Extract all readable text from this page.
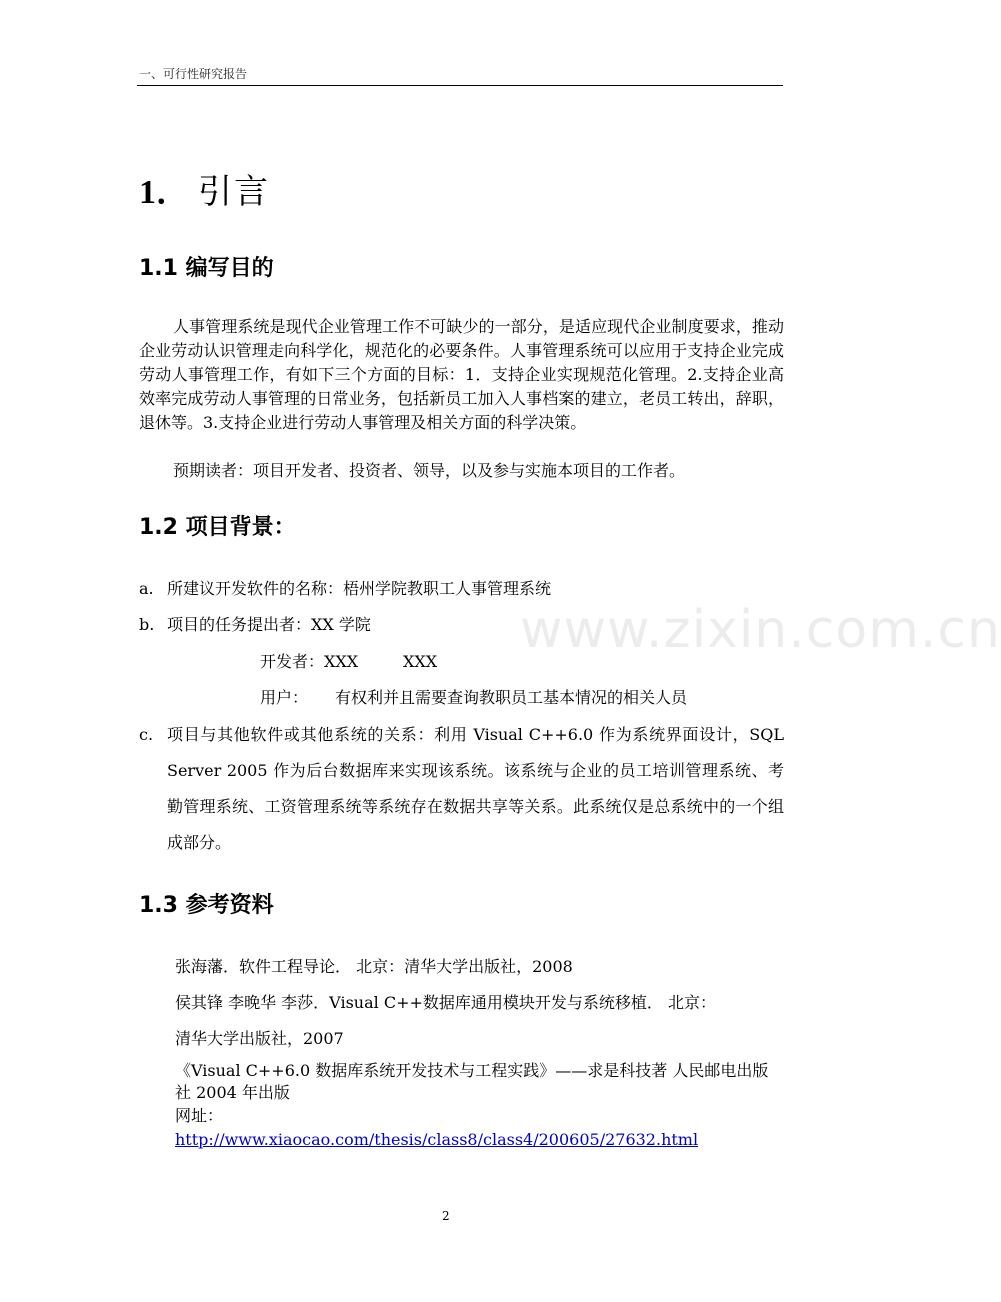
一、可行性研究报告
www.zixin.com.cn
1． 引言
1.1 编写目的

人事管理系统是现代企业管理工作不可缺少的一部分，是适应现代企业制度要求，推动企业劳动认识管理走向科学化，规范化的必要条件。人事管理系统可以应用于支持企业完成劳动人事管理工作，有如下三个方面的目标：1．支持企业实现规范化管理。2.支持企业高效率完成劳动人事管理的日常业务，包括新员工加入人事档案的建立，老员工转出，辞职，退休等。3.支持企业进行劳动人事管理及相关方面的科学决策。

预期读者：项目开发者、投资者、领导，以及参与实施本项目的工作者。

1.2 项目背景：
a. 所建议开发软件的名称：梧州学院教职工人事管理系统
b. 项目的任务提出者：XX 学院
开发者：XXX	XXX
用户： 有权利并且需要查询教职员工基本情况的相关人员
c. 项目与其他软件或其他系统的关系：利用 Visual C++6.0 作为系统界面设计，SQL Server 2005 作为后台数据库来实现该系统。该系统与企业的员工培训管理系统、考勤管理系统、工资管理系统等系统存在数据共享等关系。此系统仅是总系统中的一个组成部分。

1.3 参考资料
张海藩．软件工程导论． 北京：清华大学出版社，2008
侯其锋 李晚华 李莎．Visual C++数据库通用模块开发与系统移植． 北京：
清华大学出版社，2007

《Visual C++6.0 数据库系统开发技术与工程实践》——求是科技著 人民邮电出版社 2004 年出版

网址：
http://www.xiaocao.com/thesis/class8/class4/200605/27632.html
2
